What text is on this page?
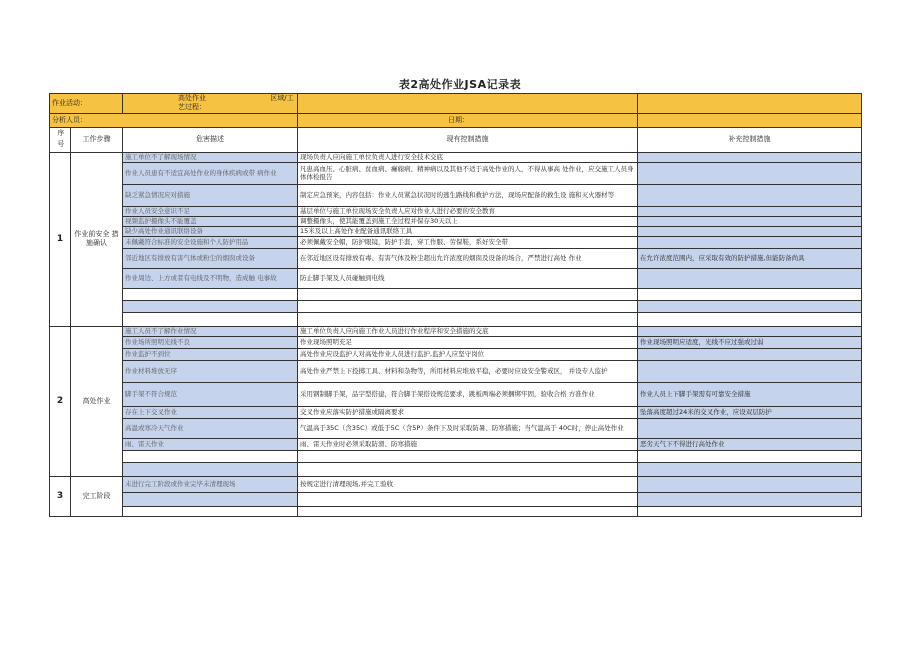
表2高处作业JSA记录表
作业活动：		高处作业 区域/工艺过程：		
分析人员：			日期：	
序号	工作步骤	危害描述	现有控制措施	补充控制措施
1	作业前安全 措施确认	施工单位不了解现场情况	现场负责人应向施工单位负责人进行安全技术交底	
		作业人员患有不适宜高处作业的身体疾病或带 病作业	凡患高血压、心脏病、贫血病、癫痫病、精神病以及其他不适于高处作业的人，不得从事高 处作业，应交施工人员身体体检报告	
		缺乏紧急情况应对措施	制定应急预案，内容包括：作业人员紧急状况时的逃生路线和救护方法，现场应配备的救生设 施和灭火器材等	
		作业人员安全意识不足	基层单位与施工单位现场安全负责人应对作业人进行必要的安全教育	
		视频监护摄像头不能覆盖	调整摄像头，使其能覆盖到施工全过程并保存30天以上	
		缺少高处作业通讯联络设备	15米及以上高处作业配备通讯联络工具	
		未佩戴符合标准的安全设施和个人防护用品	必须佩戴安全帽，防护眼镜，防护手套，穿工作服、劳保鞋，系好安全带	
		邻近地区有排放有害气体或粉尘的烟囱或设备	在邻近地区设有排放有毒、有害气体及粉尘超出允许浓度的烟囱及设备的场合，严禁进行高处 作业	在允许浓度范围内，应采取有效的防护措施,但能防备尚具
		作业周边、上方或者有电线及不明物，造成触 电事故	防止脚手架及人员碰触到电线	

2	高处作业	施工人员不了解作业情况	施工单位负责人应向施工作业人员进行作业程序和安全措施的交底	
		作业场所照明光线不良	作业现场照明充足	作业现场照明应适度，光线不应过强或过弱
		作业监护不到位	高处作业应设监护人对高处作业人员进行监护,监护人应坚守岗位	
		作业材料堆放无序	高处作业严禁上下投掷工具、材料和杂物等，所用材料应堆放平稳，必要时应设安全警戒区， 并设专人监护	
		脚手架不符合规范	采用钢制脚手架，品字型搭建，符合脚手架搭设规范要求，跳板两端必须捆绑牢固，验收合格 方准作业	作业人员上下脚手架需有可靠安全措施
		存在上下交叉作业	交叉作业应落实防护措施或隔离要求	坠落高度超过24米的交叉作业，应设双层防护
		高温或寒冷天气作业	气温高于35C（含35C）或低于5C（含5P）条件下及时采取防暑、防寒措施；当气温高于 40C时，停止高处作业	
		雨、雷天作业	雨、雷天作业时必须采取防滑、防寒措施	恶劣天气下不得进行高处作业

3	完工阶段	未进行完工阶段或作业完毕未清理现场	按规定进行清理现场,并完工验收	
